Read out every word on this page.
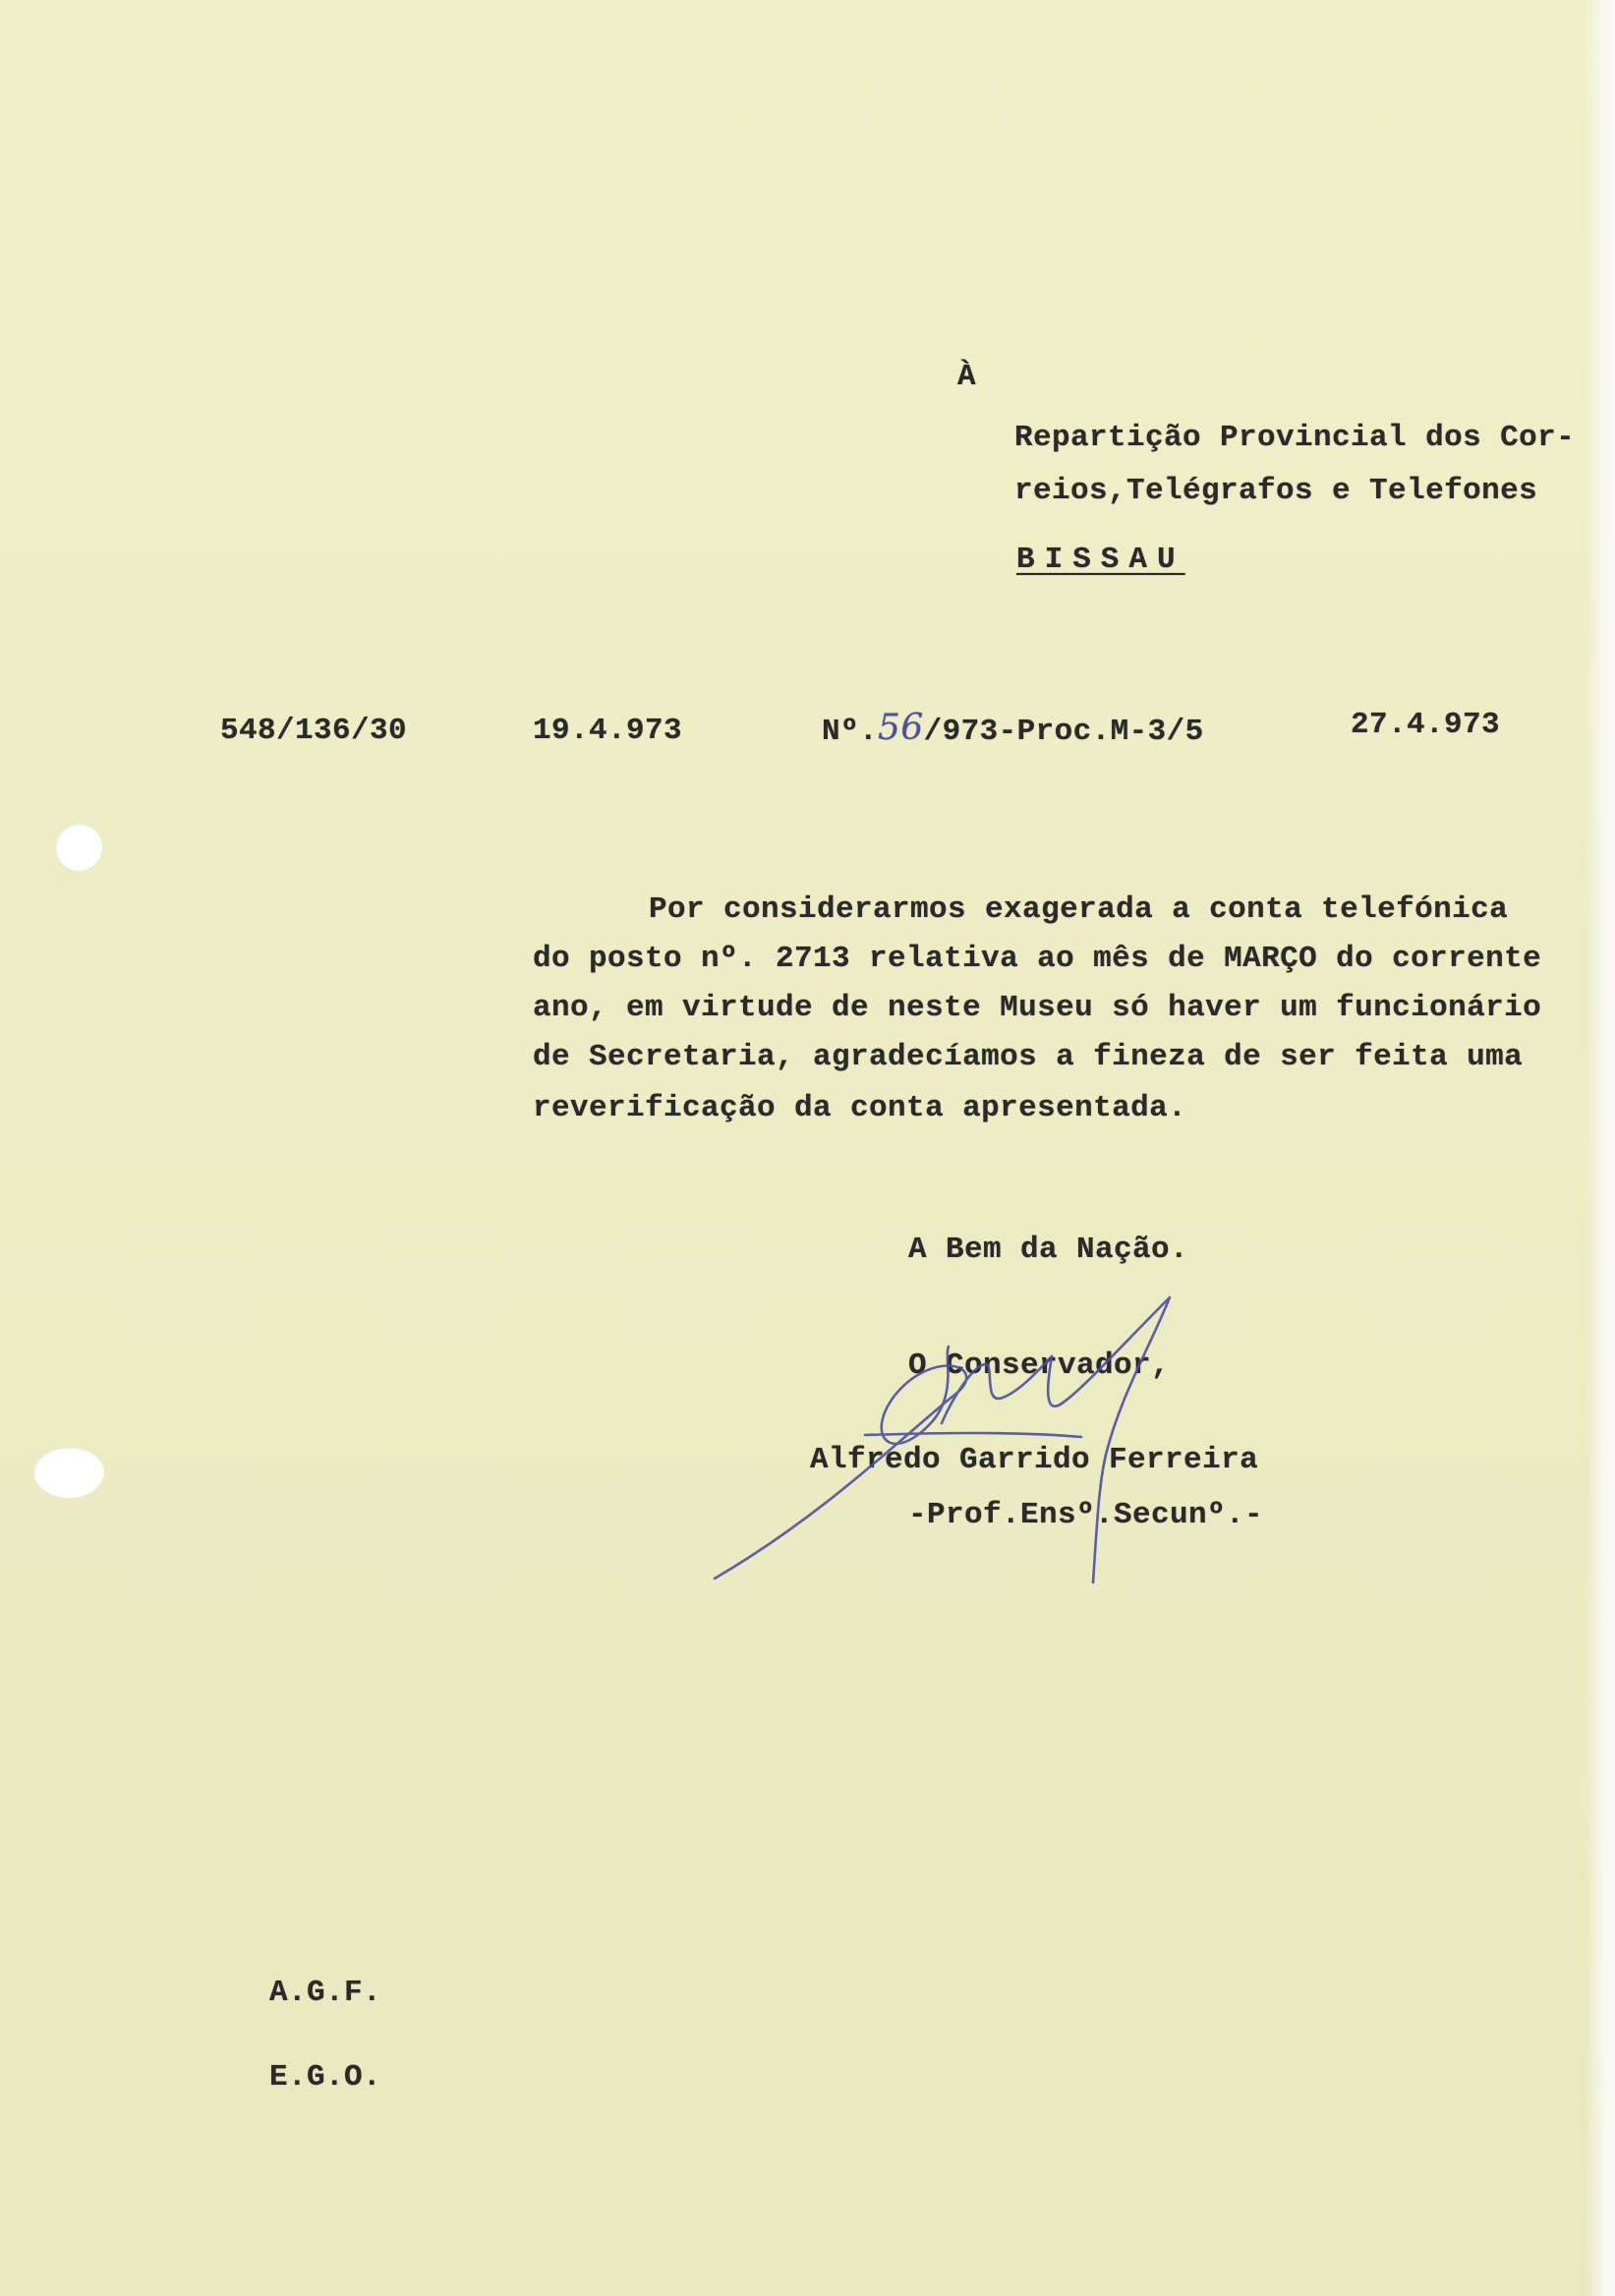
À

Repartição Provincial dos Cor-

reios,Telégrafos e Telefones

BISSAU

548/136/30	19.4.973	Nº.56/973-Proc.M-3/5	27.4.973

Por considerarmos exagerada a conta telefónica

do posto nº. 2713 relativa ao mês de MARÇO do corrente

ano, em virtude de neste Museu só haver um funcionário

de Secretaria, agradecíamos a fineza de ser feita uma

reverificação da conta apresentada.

A Bem da Nação.

O Conservador,

Alfredo Garrido Ferreira

-Prof.Ensº.Secunº.-

A.G.F.

E.G.O.
